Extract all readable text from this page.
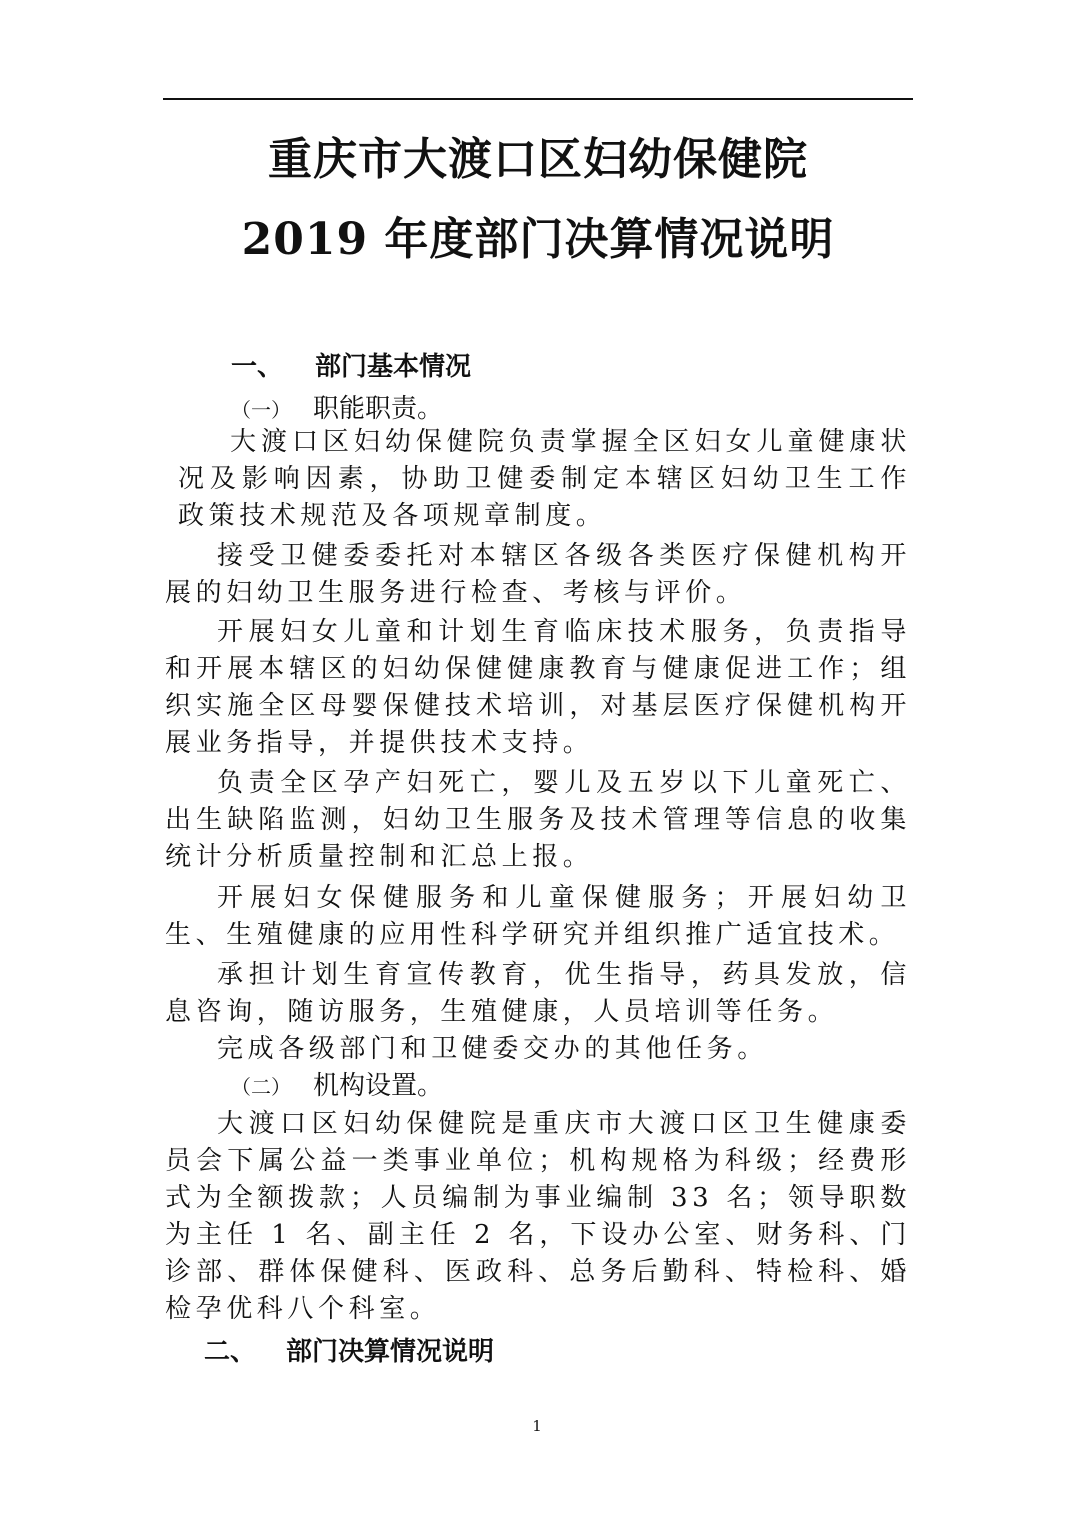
重庆市大渡口区妇幼保健院
2019 年度部门决算情况说明
一、 部门基本情况
（一） 职能职责。

大渡口区妇幼保健院负责掌握全区妇女儿童健康状况及影响因素，协助卫健委制定本辖区妇幼卫生工作政策技术规范及各项规章制度。

接受卫健委委托对本辖区各级各类医疗保健机构开展的妇幼卫生服务进行检查、考核与评价。

开展妇女儿童和计划生育临床技术服务，负责指导和开展本辖区的妇幼保健健康教育与健康促进工作；组织实施全区母婴保健技术培训，对基层医疗保健机构开展业务指导，并提供技术支持。

负责全区孕产妇死亡，婴儿及五岁以下儿童死亡、出生缺陷监测，妇幼卫生服务及技术管理等信息的收集统计分析质量控制和汇总上报。

开展妇女保健服务和儿童保健服务；开展妇幼卫生、生殖健康的应用性科学研究并组织推广适宜技术。

承担计划生育宣传教育，优生指导，药具发放，信息咨询，随访服务，生殖健康，人员培训等任务。

完成各级部门和卫健委交办的其他任务。

（二） 机构设置。

大渡口区妇幼保健院是重庆市大渡口区卫生健康委员会下属公益一类事业单位；机构规格为科级；经费形式为全额拨款；人员编制为事业编制 33 名；领导职数为主任 1 名、副主任 2 名，下设办公室、财务科、门诊部、群体保健科、医政科、总务后勤科、特检科、婚检孕优科八个科室。

二、 部门决算情况说明
1
